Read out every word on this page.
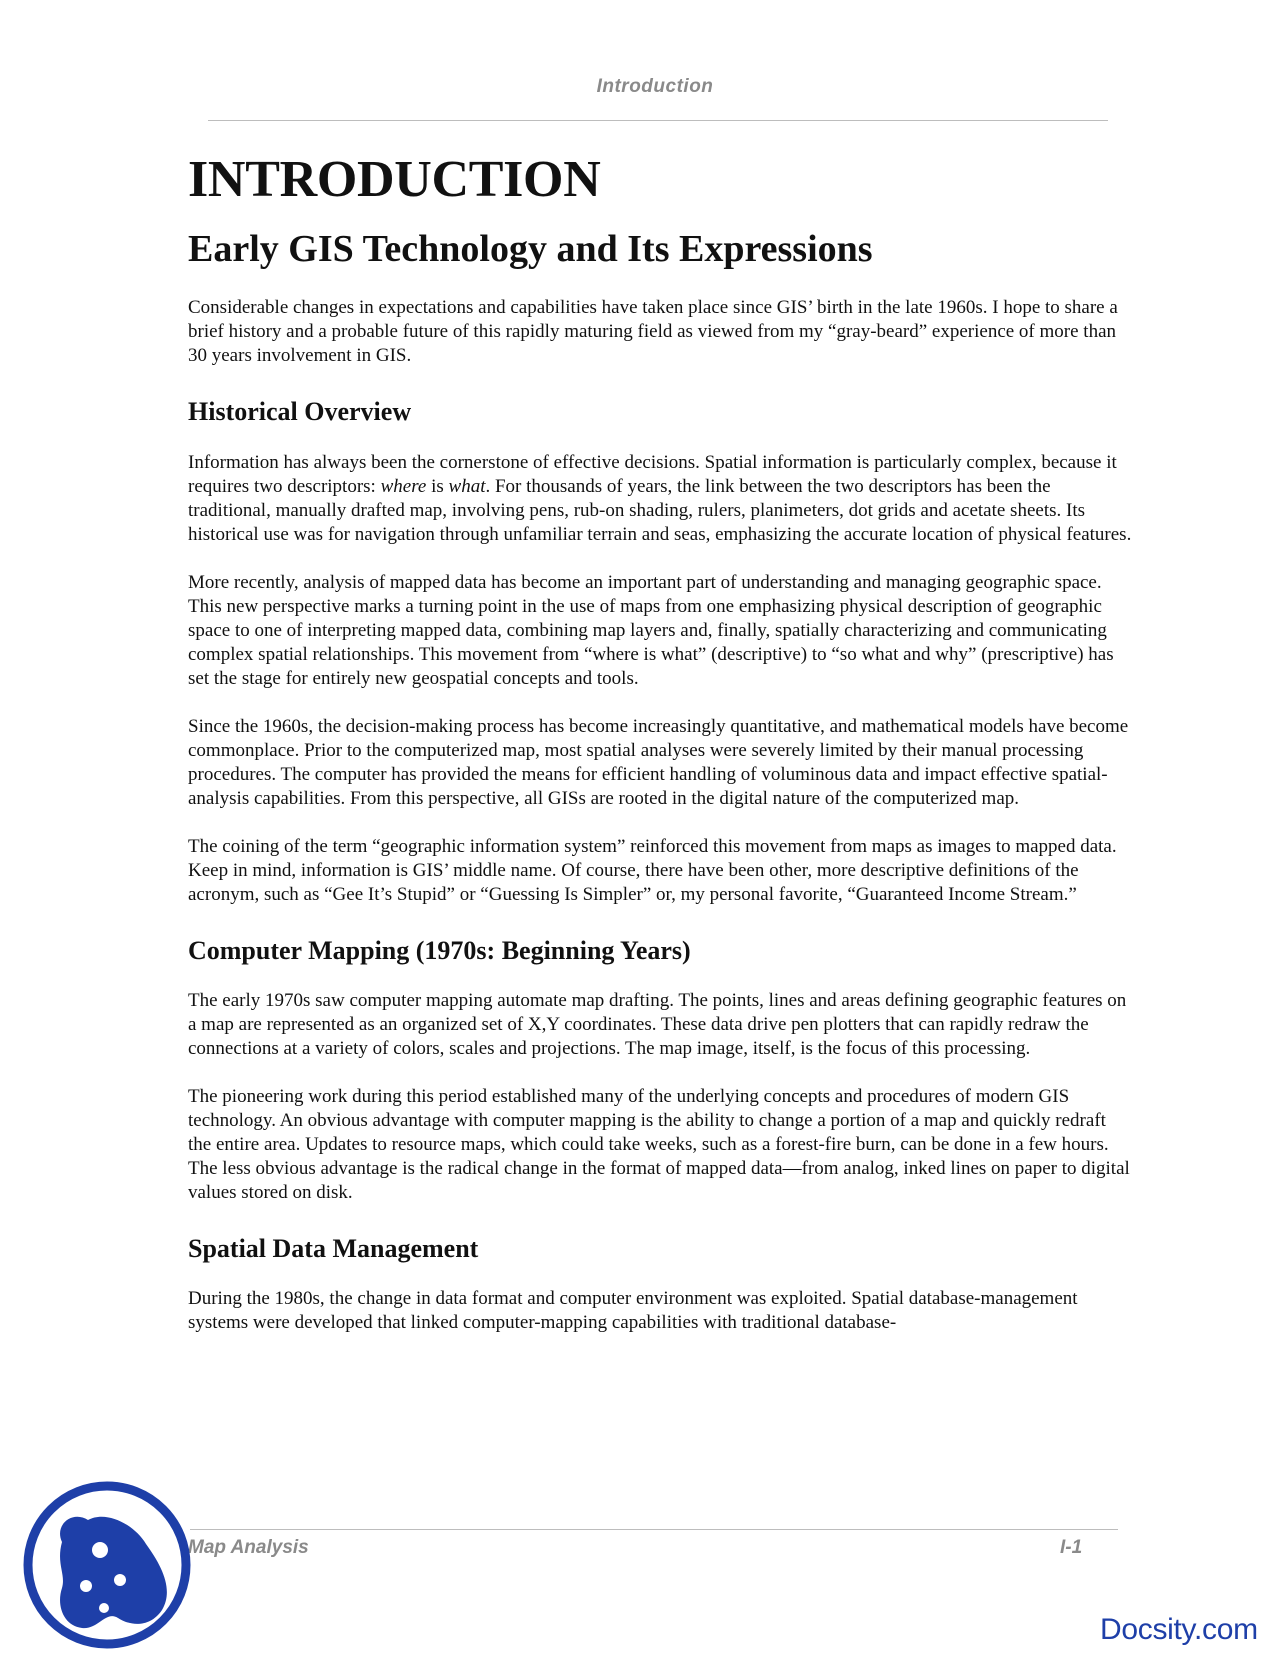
Introduction
INTRODUCTION
Early GIS Technology and Its Expressions

Considerable changes in expectations and capabilities have taken place since GIS’ birth in the late 1960s. I hope to share a brief history and a probable future of this rapidly maturing field as viewed from my “gray-beard” experience of more than 30 years involvement in GIS.

Historical Overview

Information has always been the cornerstone of effective decisions. Spatial information is particularly complex, because it requires two descriptors: where is what. For thousands of years, the link between the two descriptors has been the traditional, manually drafted map, involving pens, rub-on shading, rulers, planimeters, dot grids and acetate sheets. Its historical use was for navigation through unfamiliar terrain and seas, emphasizing the accurate location of physical features.

More recently, analysis of mapped data has become an important part of understanding and managing geographic space. This new perspective marks a turning point in the use of maps from one emphasizing physical description of geographic space to one of interpreting mapped data, combining map layers and, finally, spatially characterizing and communicating complex spatial relationships. This movement from “where is what” (descriptive) to “so what and why” (prescriptive) has set the stage for entirely new geospatial concepts and tools.

Since the 1960s, the decision-making process has become increasingly quantitative, and mathematical models have become commonplace. Prior to the computerized map, most spatial analyses were severely limited by their manual processing procedures. The computer has provided the means for efficient handling of voluminous data and impact effective spatial-analysis capabilities. From this perspective, all GISs are rooted in the digital nature of the computerized map.

The coining of the term “geographic information system” reinforced this movement from maps as images to mapped data. Keep in mind, information is GIS’ middle name. Of course, there have been other, more descriptive definitions of the acronym, such as “Gee It’s Stupid” or “Guessing Is Simpler” or, my personal favorite, “Guaranteed Income Stream.”

Computer Mapping (1970s: Beginning Years)

The early 1970s saw computer mapping automate map drafting. The points, lines and areas defining geographic features on a map are represented as an organized set of X,Y coordinates. These data drive pen plotters that can rapidly redraw the connections at a variety of colors, scales and projections. The map image, itself, is the focus of this processing.

The pioneering work during this period established many of the underlying concepts and procedures of modern GIS technology. An obvious advantage with computer mapping is the ability to change a portion of a map and quickly redraft the entire area. Updates to resource maps, which could take weeks, such as a forest-fire burn, can be done in a few hours. The less obvious advantage is the radical change in the format of mapped data—from analog, inked lines on paper to digital values stored on disk.

Spatial Data Management

During the 1980s, the change in data format and computer environment was exploited. Spatial database-management systems were developed that linked computer-mapping capabilities with traditional database-

Map Analysis	I-1
Docsity.com
